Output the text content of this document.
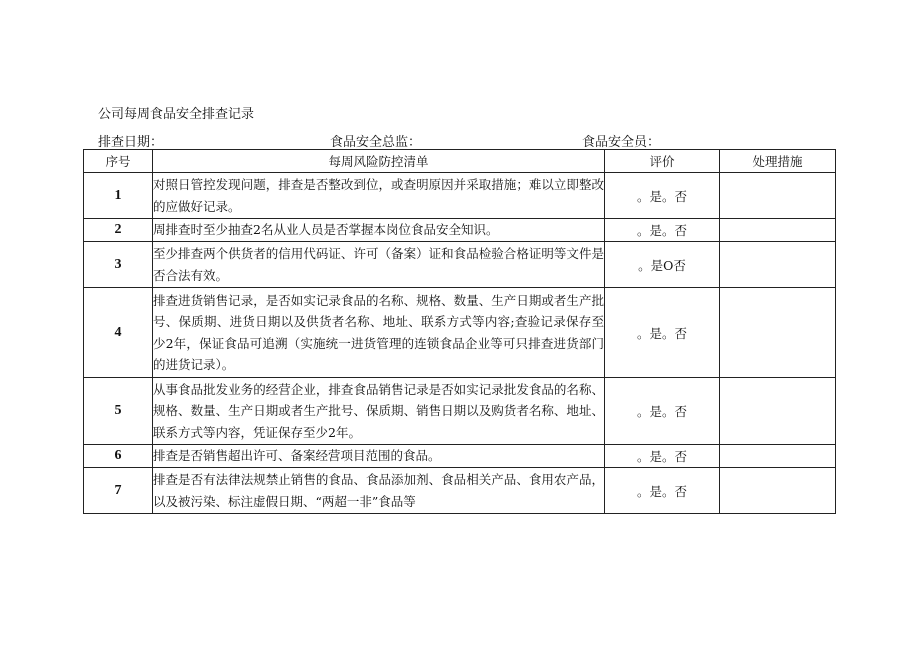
公司每周食品安全排查记录
排查日期：	食品安全总监：	食品安全员：
序号	每周风险防控清单	评价	处理措施
1	对照日管控发现问题，排查是否整改到位，或查明原因并采取措施；难以立即整改的应做好记录。	。是。否	
2	周排查时至少抽查2名从业人员是否掌握本岗位食品安全知识。	。是。否	
3	至少排查两个供货者的信用代码证、许可（备案）证和食品检验合格证明等文件是否合法有效。	。是O否	
4	排查进货销售记录，是否如实记录食品的名称、规格、数量、生产日期或者生产批号、保质期、进货日期以及供货者名称、地址、联系方式等内容;查验记录保存至少2年，保证食品可追溯（实施统一进货管理的连锁食品企业等可只排查进货部门的进货记录）。	。是。否	
5	从事食品批发业务的经营企业，排查食品销售记录是否如实记录批发食品的名称、规格、数量、生产日期或者生产批号、保质期、销售日期以及购货者名称、地址、联系方式等内容，凭证保存至少2年。	。是。否	
6	排查是否销售超出许可、备案经营项目范围的食品。	。是。否	
7	排查是否有法律法规禁止销售的食品、食品添加剂、食品相关产品、食用农产品，以及被污染、标注虚假日期、“两超一非”食品等	。是。否	
